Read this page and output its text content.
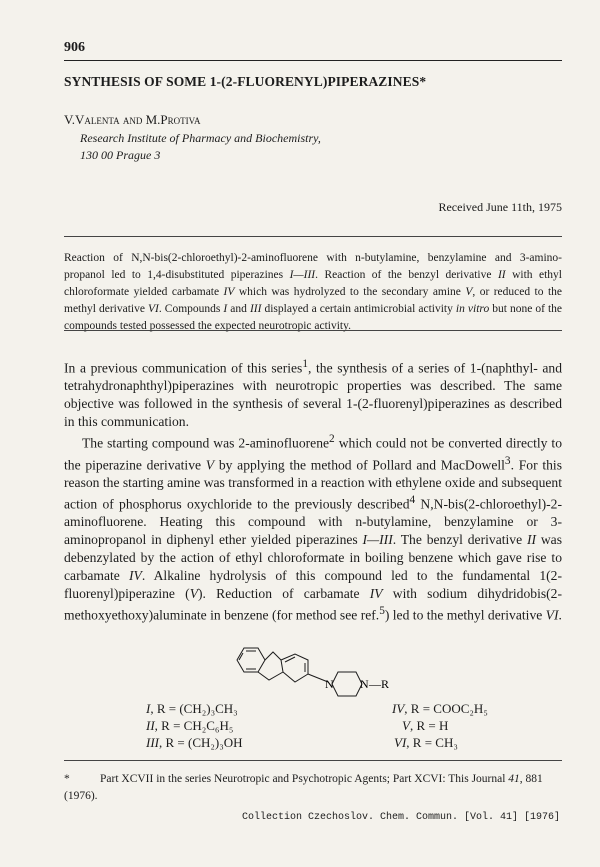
906
SYNTHESIS OF SOME 1-(2-FLUORENYL)PIPERAZINES*
V.Valenta and M.Protiva
Research Institute of Pharmacy and Biochemistry,
130 00 Prague 3
Received June 11th, 1975
Reaction of N,N-bis(2-chloroethyl)-2-aminofluorene with n-butylamine, benzylamine and 3-amino-propanol led to 1,4-disubstituted piperazines I—III. Reaction of the benzyl derivative II with ethyl chloroformate yielded carbamate IV which was hydrolyzed to the secondary amine V, or reduced to the methyl derivative VI. Compounds I and III displayed a certain antimicrobial activity in vitro but none of the compounds tested possessed the expected neurotropic activity.

In a previous communication of this series$^1$, the synthesis of a series of 1-(naphthyl- and tetrahydronaphthyl)piperazines with neurotropic properties was described. The same objective was followed in the synthesis of several 1-(2-fluorenyl)piperazines as described in this communication.

The starting compound was 2-aminofluorene$^2$ which could not be converted directly to the piperazine derivative V by applying the method of Pollard and MacDowell$^3$. For this reason the starting amine was transformed in a reaction with ethylene oxide and subsequent action of phosphorus oxychloride to the previously described$^4$ N,N-bis(2-chloroethyl)-2-aminofluorene. Heating this compound with n-butylamine, benzylamine or 3-aminopropanol in diphenyl ether yielded piperazines I—III. The benzyl derivative II was debenzylated by the action of ethyl chloroformate in boiling benzene which gave rise to carbamate IV. Alkaline hydrolysis of this compound led to the fundamental 1(2-fluorenyl)piperazine (V). Reduction of carbamate IV with sodium dihydridobis(2-methoxyethoxy)aluminate in benzene (for method see ref.$^5$) led to the methyl derivative VI.

N N —R
I, R = (CH₂)₃CH₃
II, R = CH₂C₆H₅
III, R = (CH₂)₃OH
IV, R = COOC₂H₅
V, R = H
VI, R = CH₃
*	Part XCVII in the series Neurotropic and Psychotropic Agents; Part XCVI: This Journal 41, 881 (1976).
Collection Czechoslov. Chem. Commun. [Vol. 41] [1976]
